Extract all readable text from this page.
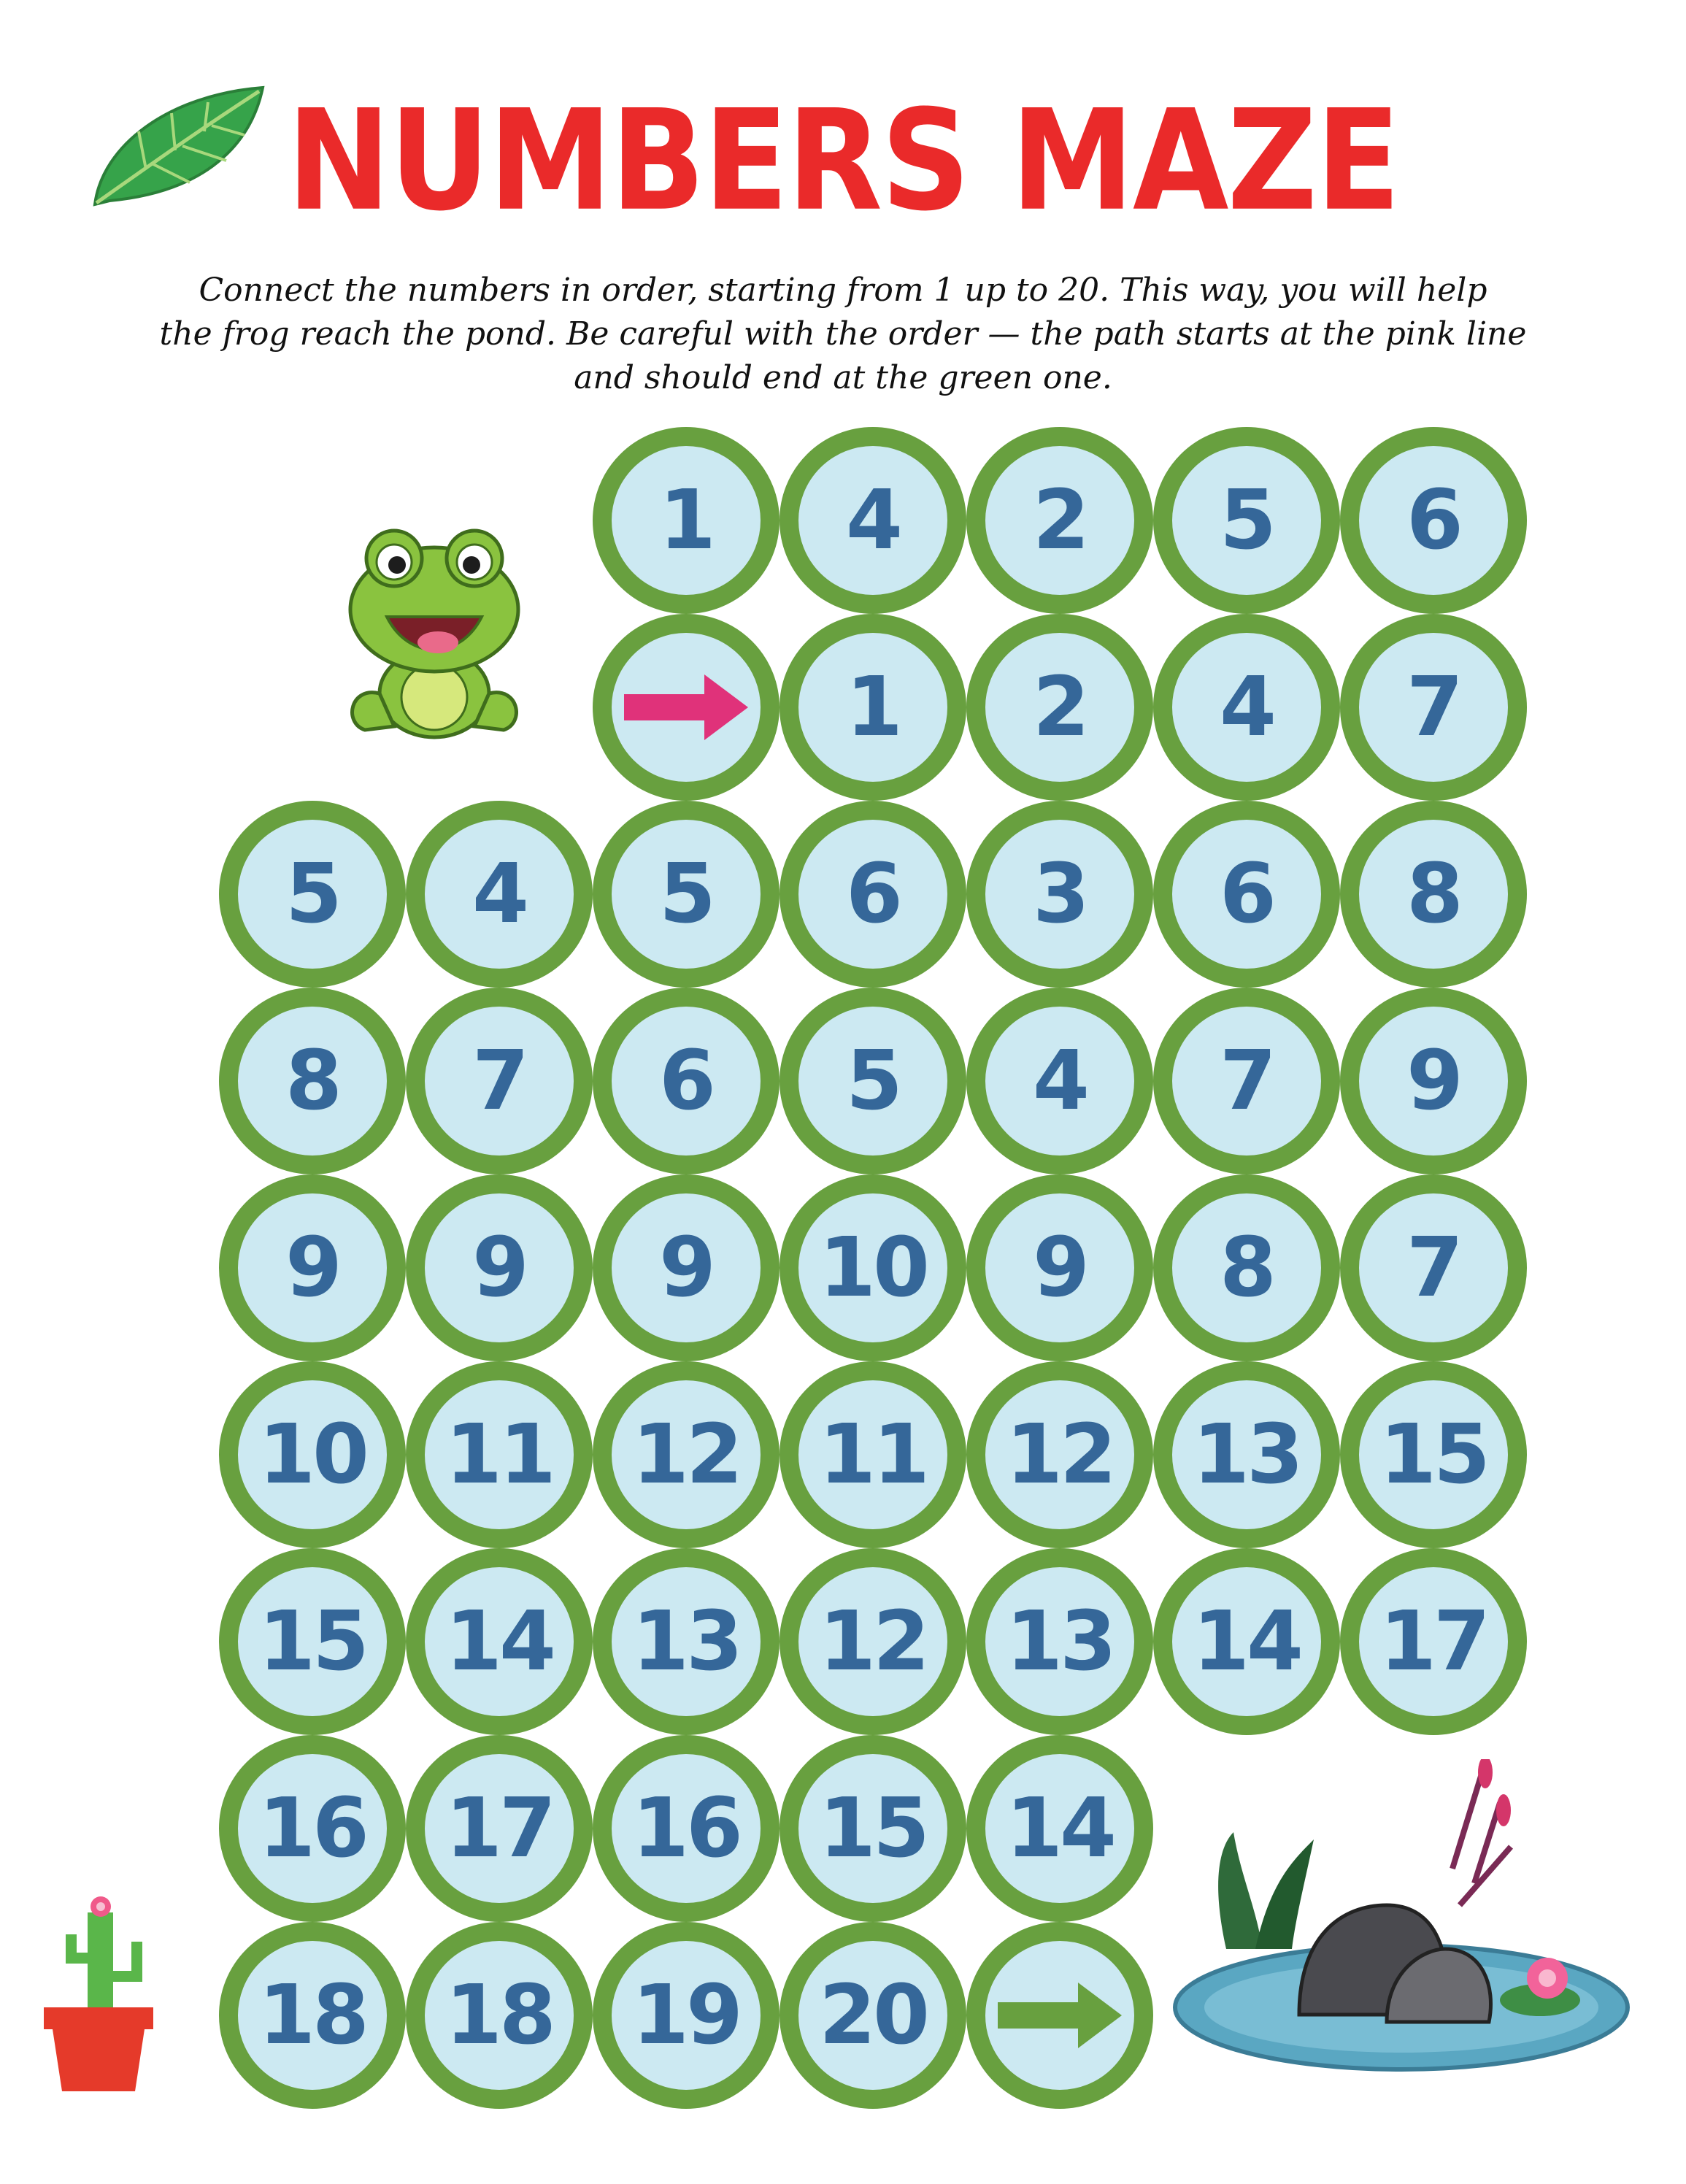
NUMBERS MAZE
Connect the numbers in order, starting from 1 up to 20. This way, you will help
the frog reach the pond. Be careful with the order — the path starts at the pink line
and should end at the green one.
1 4 2 5 6
1 2 4 7
5 4 5 6 3 6 8
8 7 6 5 4 7 9
9 9 9 10 9 8 7
10 11 12 11 12 13 15
15 14 13 12 13 14 17
16 17 16 15 14
18 18 19 20
